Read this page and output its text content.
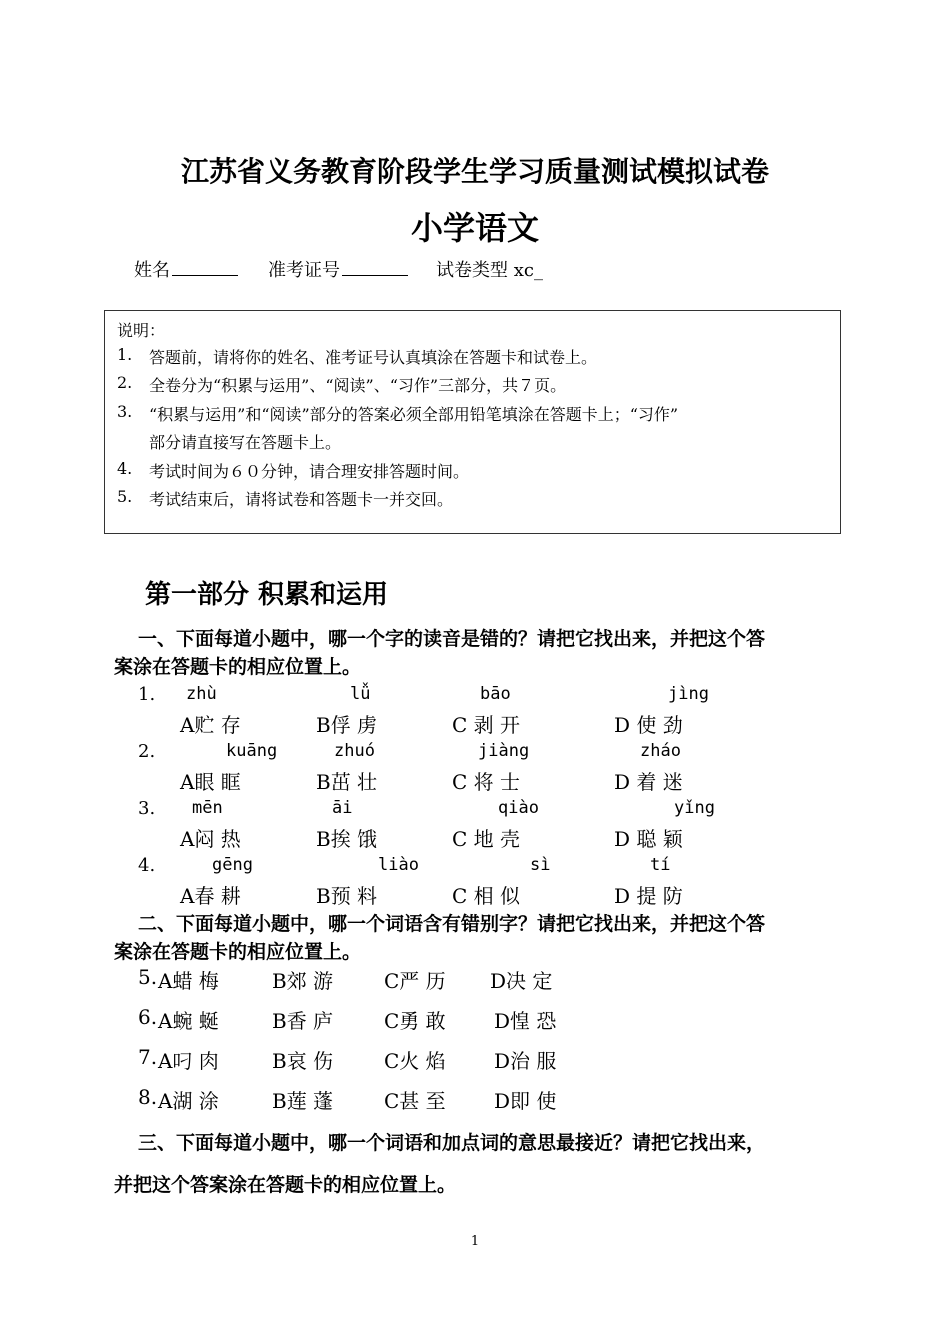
江苏省义务教育阶段学生学习质量测试模拟试卷
小学语文
姓名	准考证号	试卷类型 xc_
说明：
1. 答题前，请将你的姓名、准考证号认真填涂在答题卡和试卷上。
2. 全卷分为“积累与运用”、“阅读”、“习作”三部分，共７页。
3. “积累与运用”和“阅读”部分的答案必须全部用铅笔填涂在答题卡上；“习作”
部分请直接写在答题卡上。
4. 考试时间为６０分钟，请合理安排答题时间。
5. 考试结束后，请将试卷和答题卡一并交回。
第一部分 积累和运用
一、下面每道小题中，哪一个字的读音是错的？请把它找出来，并把这个答
案涂在答题卡的相应位置上。
1. zhù	lǚ	bāo	jìng
A贮 存	B俘 虏	C 剥 开	D 使 劲
2.	kuāng	zhuó	jiàng	zháo
A眼 眶	B茁 壮	C 将 士	D 着 迷
3. mēn	āi	qiào	yǐng
A闷 热	B挨 饿	C 地 壳	D 聪 颖
4.	gēng	liào	sì	tí
A春 耕	B预 料	C 相 似	D 提 防
二、下面每道小题中，哪一个词语含有错别字？请把它找出来，并把这个答
案涂在答题卡的相应位置上。
5. A蜡 梅	B郊 游	C严 历 D决 定
6. A蜿 蜒	B香 庐	C勇 敢 D惶 恐
7. A叼 肉	B哀 伤	C火 焰 D治 服
8. A湖 涂	B莲 蓬	C甚 至 D即 使
三、下面每道小题中，哪一个词语和加点词的意思最接近？请把它找出来，
并把这个答案涂在答题卡的相应位置上。
1
